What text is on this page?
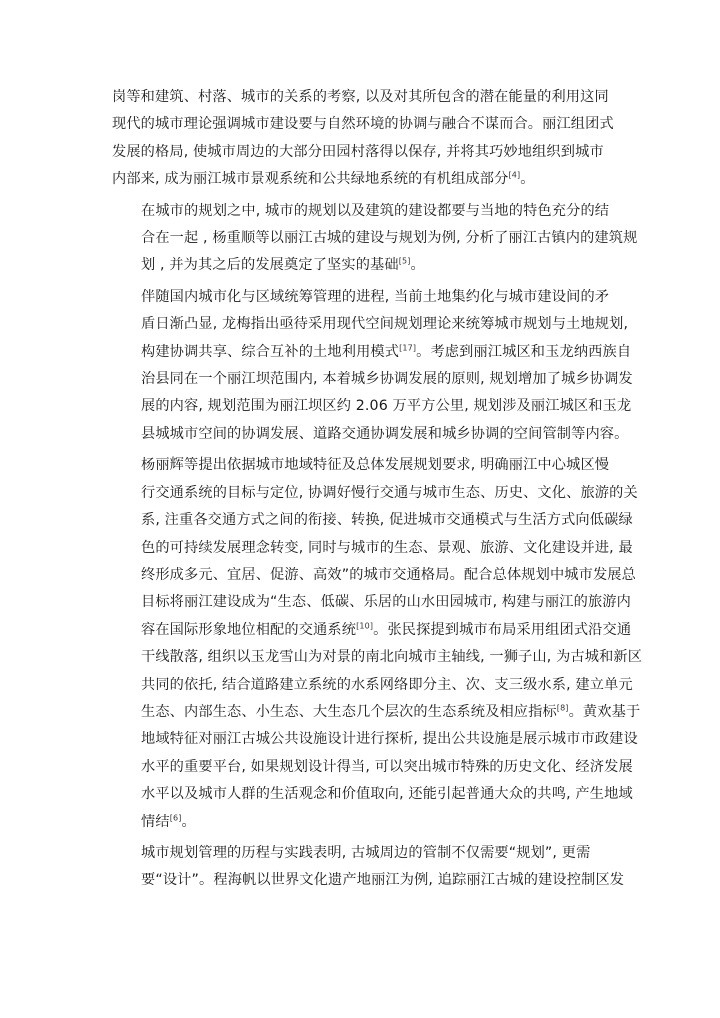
岗等和建筑、村落、城市的关系的考察, 以及对其所包含的潜在能量的利用这同
现代的城市理论强调城市建设要与自然环境的协调与融合不谋而合。丽江组团式
发展的格局, 使城市周边的大部分田园村落得以保存, 并将其巧妙地组织到城市
内部来, 成为丽江城市景观系统和公共绿地系统的有机组成部分[4]。

在城市的规划之中, 城市的规划以及建筑的建设都要与当地的特色充分的结
合在一起 , 杨重顺等以丽江古城的建设与规划为例, 分析了丽江古镇内的建筑规
划 , 并为其之后的发展奠定了坚实的基础[5]。

伴随国内城市化与区域统筹管理的进程, 当前土地集约化与城市建设间的矛
盾日渐凸显, 龙梅指出亟待采用现代空间规划理论来统筹城市规划与土地规划,
构建协调共享、综合互补的土地利用模式[17]。考虑到丽江城区和玉龙纳西族自
治县同在一个丽江坝范围内, 本着城乡协调发展的原则, 规划增加了城乡协调发
展的内容, 规划范围为丽江坝区约 2.06 万平方公里, 规划涉及丽江城区和玉龙
县城城市空间的协调发展、道路交通协调发展和城乡协调的空间管制等内容。

杨丽辉等提出依据城市地域特征及总体发展规划要求, 明确丽江中心城区慢
行交通系统的目标与定位, 协调好慢行交通与城市生态、历史、文化、旅游的关
系, 注重各交通方式之间的衔接、转换, 促进城市交通模式与生活方式向低碳绿
色的可持续发展理念转变, 同时与城市的生态、景观、旅游、文化建设并进, 最
终形成多元、宜居、促游、高效”的城市交通格局。配合总体规划中城市发展总
目标将丽江建设成为“生态、低碳、乐居的山水田园城市, 构建与丽江的旅游内
容在国际形象地位相配的交通系统[10]。张民探提到城市布局采用组团式沿交通
干线散落, 组织以玉龙雪山为对景的南北向城市主轴线, 一狮子山, 为古城和新区
共同的依托, 结合道路建立系统的水系网络即分主、次、支三级水系, 建立单元
生态、内部生态、小生态、大生态几个层次的生态系统及相应指标[8]。黄欢基于
地域特征对丽江古城公共设施设计进行探析, 提出公共设施是展示城市市政建设
水平的重要平台, 如果规划设计得当, 可以突出城市特殊的历史文化、经济发展
水平以及城市人群的生活观念和价值取向, 还能引起普通大众的共鸣, 产生地域
情结[6]。

城市规划管理的历程与实践表明, 古城周边的管制不仅需要“规划”, 更需
要“设计”。程海帆以世界文化遗产地丽江为例, 追踪丽江古城的建设控制区发
